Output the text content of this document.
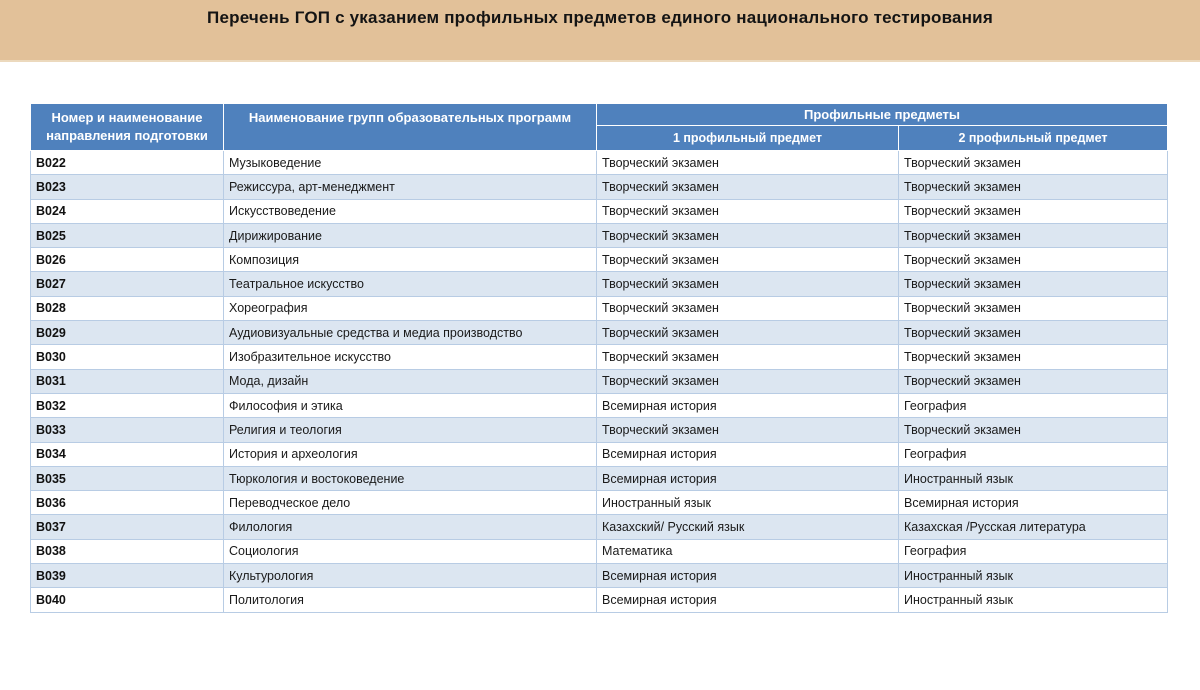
Перечень ГОП с указанием профильных предметов единого национального тестирования
Номер и наименование направления подготовки	Наименование групп образовательных программ	Профильные предметы	
		1 профильный предмет	2 профильный предмет
B022	Музыковедение	Творческий экзамен	Творческий экзамен
B023	Режиссура, арт-менеджмент	Творческий экзамен	Творческий экзамен
B024	Искусствоведение	Творческий экзамен	Творческий экзамен
B025	Дирижирование	Творческий экзамен	Творческий экзамен
B026	Композиция	Творческий экзамен	Творческий экзамен
B027	Театральное искусство	Творческий экзамен	Творческий экзамен
B028	Хореография	Творческий экзамен	Творческий экзамен
B029	Аудиовизуальные средства и медиа производство	Творческий экзамен	Творческий экзамен
B030	Изобразительное искусство	Творческий экзамен	Творческий экзамен
B031	Мода, дизайн	Творческий экзамен	Творческий экзамен
B032	Философия и этика	Всемирная история	География
B033	Религия и теология	Творческий экзамен	Творческий экзамен
B034	История и археология	Всемирная история	География
B035	Тюркология и востоковедение	Всемирная история	Иностранный язык
B036	Переводческое дело	Иностранный язык	Всемирная история
B037	Филология	Казахский/ Русский язык	Казахская /Русская литература
B038	Социология	Математика	География
B039	Культурология	Всемирная история	Иностранный язык
B040	Политология	Всемирная история	Иностранный язык
